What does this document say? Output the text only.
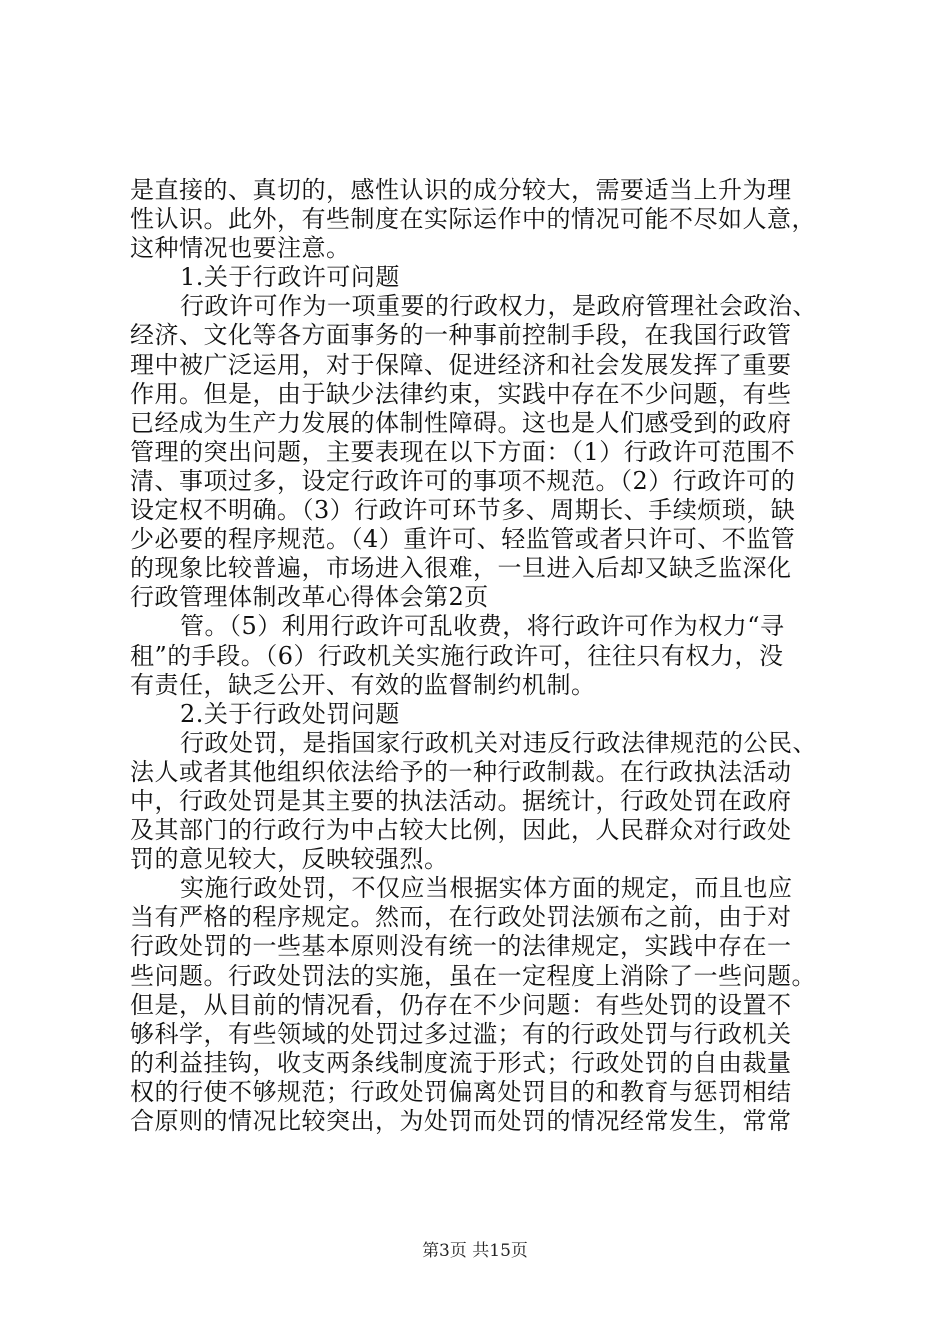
是直接的、真切的，感性认识的成分较大，需要适当上升为理
性认识。此外，有些制度在实际运作中的情况可能不尽如人意，
这种情况也要注意。
1.关于行政许可问题
行政许可作为一项重要的行政权力，是政府管理社会政治、
经济、文化等各方面事务的一种事前控制手段，在我国行政管
理中被广泛运用，对于保障、促进经济和社会发展发挥了重要
作用。但是，由于缺少法律约束，实践中存在不少问题，有些
已经成为生产力发展的体制性障碍。这也是人们感受到的政府
管理的突出问题，主要表现在以下方面：（1）行政许可范围不
清、事项过多，设定行政许可的事项不规范。（2）行政许可的
设定权不明确。（3）行政许可环节多、周期长、手续烦琐，缺
少必要的程序规范。（4）重许可、轻监管或者只许可、不监管
的现象比较普遍，市场进入很难，一旦进入后却又缺乏监深化
行政管理体制改革心得体会第2页
管。（5）利用行政许可乱收费，将行政许可作为权力“寻
租”的手段。（6）行政机关实施行政许可，往往只有权力，没
有责任，缺乏公开、有效的监督制约机制。
2.关于行政处罚问题
行政处罚，是指国家行政机关对违反行政法律规范的公民、
法人或者其他组织依法给予的一种行政制裁。在行政执法活动
中，行政处罚是其主要的执法活动。据统计，行政处罚在政府
及其部门的行政行为中占较大比例，因此，人民群众对行政处
罚的意见较大，反映较强烈。
实施行政处罚，不仅应当根据实体方面的规定，而且也应
当有严格的程序规定。然而，在行政处罚法颁布之前，由于对
行政处罚的一些基本原则没有统一的法律规定，实践中存在一
些问题。行政处罚法的实施，虽在一定程度上消除了一些问题。
但是，从目前的情况看，仍存在不少问题：有些处罚的设置不
够科学，有些领域的处罚过多过滥；有的行政处罚与行政机关
的利益挂钩，收支两条线制度流于形式；行政处罚的自由裁量
权的行使不够规范；行政处罚偏离处罚目的和教育与惩罚相结
合原则的情况比较突出，为处罚而处罚的情况经常发生，常常
第3页 共15页
